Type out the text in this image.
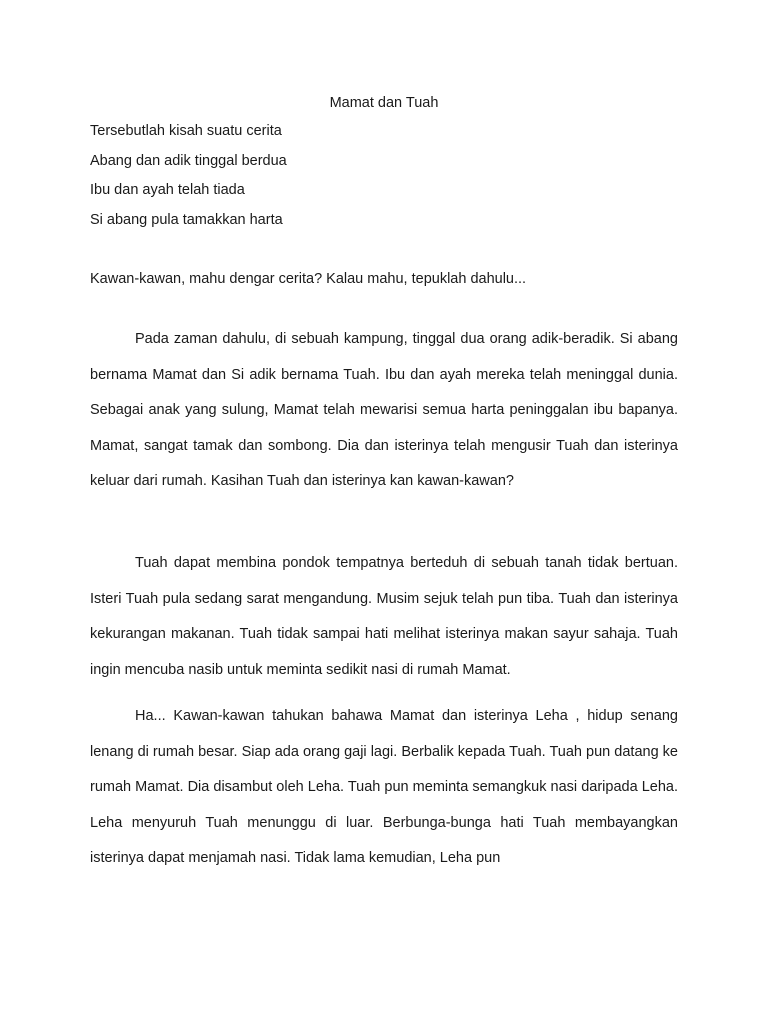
Mamat dan Tuah
Tersebutlah kisah suatu cerita
Abang dan adik tinggal berdua
Ibu dan ayah telah tiada
Si abang pula tamakkan harta

Kawan-kawan, mahu dengar cerita? Kalau mahu, tepuklah dahulu...

Pada zaman dahulu, di sebuah kampung, tinggal dua orang adik-beradik. Si abang bernama Mamat dan Si adik bernama Tuah. Ibu dan ayah mereka telah meninggal dunia. Sebagai anak yang sulung, Mamat telah mewarisi semua harta peninggalan ibu bapanya. Mamat, sangat tamak dan sombong. Dia dan isterinya telah mengusir Tuah dan isterinya keluar dari rumah. Kasihan Tuah dan isterinya kan kawan-kawan?

Tuah dapat membina pondok tempatnya berteduh di sebuah tanah tidak bertuan. Isteri Tuah pula sedang sarat mengandung. Musim sejuk telah pun tiba. Tuah dan isterinya kekurangan makanan. Tuah tidak sampai hati melihat isterinya makan sayur sahaja. Tuah ingin mencuba nasib untuk meminta sedikit nasi di rumah Mamat.

Ha... Kawan-kawan tahukan bahawa Mamat dan isterinya Leha , hidup senang lenang di rumah besar. Siap ada orang gaji lagi. Berbalik kepada Tuah. Tuah pun datang ke rumah Mamat. Dia disambut oleh Leha. Tuah pun meminta semangkuk nasi daripada Leha. Leha menyuruh Tuah menunggu di luar. Berbunga-bunga hati Tuah membayangkan isterinya dapat menjamah nasi. Tidak lama kemudian, Leha pun
